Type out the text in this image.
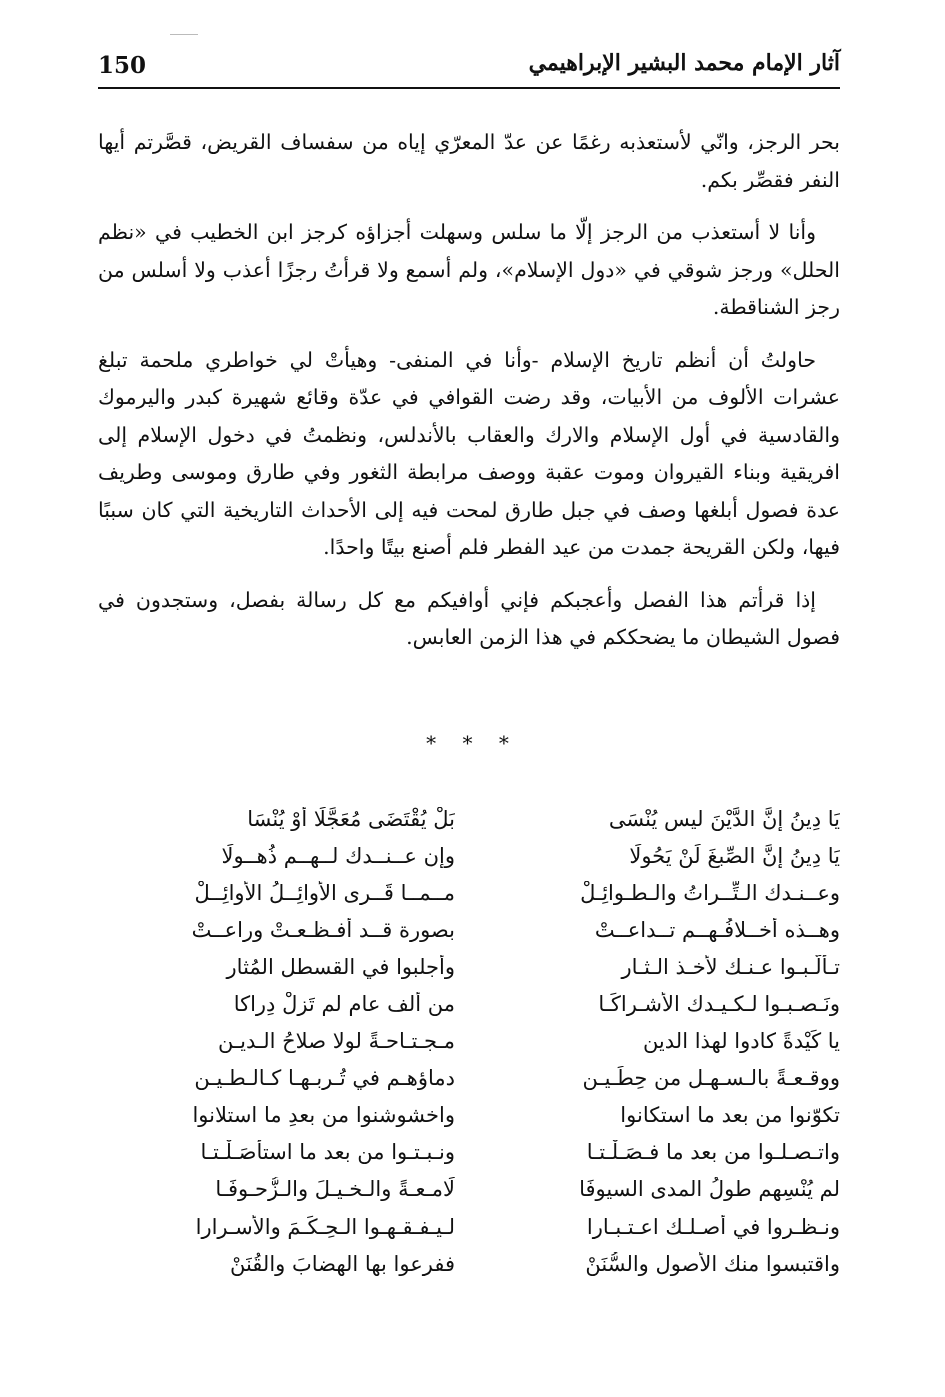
150	آثار الإمام محمد البشير الإبراهيمي

بحر الرجز، وانّي لأستعذبه رغمًا عن عدّ المعرّي إياه من سفساف القريض، قصَّرتم أيها النفر فقصِّر بكم.

وأنا لا أستعذب من الرجز إلّا ما سلس وسهلت أجزاؤه كرجز ابن الخطيب في «نظم الحلل» ورجز شوقي في «دول الإسلام»، ولم أسمع ولا قرأتُ رجزًا أعذب ولا أسلس من رجز الشناقطة.

حاولتُ أن أنظم تاريخ الإسلام -وأنا في المنفى- وهيأتْ لي خواطري ملحمة تبلغ عشرات الألوف من الأبيات، وقد رضت القوافي في عدّة وقائع شهيرة كبدر واليرموك والقادسية في أول الإسلام والارك والعقاب بالأندلس، ونظمتُ في دخول الإسلام إلى افريقية وبناء القيروان وموت عقبة ووصف مرابطة الثغور وفي طارق وموسى وطريف عدة فصول أبلغها وصف في جبل طارق لمحت فيه إلى الأحداث التاريخية التي كان سببًا فيها، ولكن القريحة جمدت من عيد الفطر فلم أصنع بيتًا واحدًا.

إذا قرأتم هذا الفصل وأعجبكم فإني أوافيكم مع كل رسالة بفصل، وستجدون في فصول الشيطان ما يضحككم في هذا الزمن العابس.

* * *
يَا دِينُ إنَّ الدَّيْنَ ليس يُنْسَى
بَلْ يُقْتَضَى مُعَجَّلًا أَوْ يُنْسَا
يَا دِينُ إنَّ الصِّبغَ لَنْ يَحُولَا
وإن عــنــدك لــهــم ذُهــولًا
وعــنـدك الـتِّــراتُ والـطـوائِـلْ
مــمــا قَــرى الأوائِــلُ الأوائِــلْ
وهــذه أَخــلافُـهــم تــداعــتْ
بصورة قــد أفـظـعـتْ وراعــتْ
تـألَّـبـوا عـنـك لأخـذ الـثـار
وأجلبوا في القسطل المُثار
ونَـصـبـوا لـكـيـدك الأشـراكَـا
من ألف عام لم تَزلْ دِراكا
يا كَيْدةً كادوا لهذا الدينِ
مـجـتـاحـةً لولا صلاحُ الـديـنِ
ووقـعـةً بالـسـهـل من حِطِّـيـنِ
دماؤهـم في تُـربـهـا كـالـطـيـنِ
تكوّنوا من بعد ما استكانوا
واخشوشنوا من بعدِ ما استلانوا
واتـصـلـوا من بعد ما فـصَـلْـتـا
ونـبـتـوا من بعد ما استأصَـلْـتـا
لم يُنْسِهم طولُ المدى السيوفَا
لَامـعـةً والـخـيـلَ والـزُّحـوفَـا
ونـظـروا في أصـلـك اعـتـبـارا
لـيـفـقـهـوا الـحِـكَـمَ والأسـرارا
واقتبسوا منك الأصول والسُّنَنْ
ففرعوا بها الهضابَ والقُنَنْ
